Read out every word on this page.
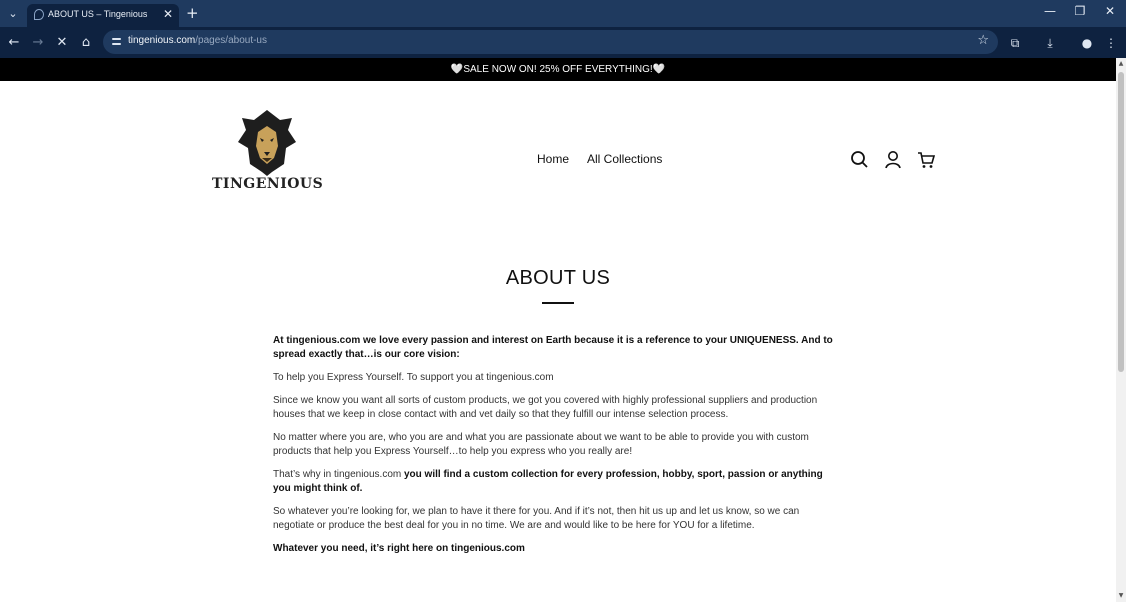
⌄	ABOUT US – Tingenious ✕ +	—	❐	✕
← → ✕	⌂	tingenious.com/pages/about-us	☆	⧉	⤓	●	⋮
🤍SALE NOW ON! 25% OFF EVERYTHING!🤍
TINGENIOUS
Home All Collections
ABOUT US

At tingenious.com we love every passion and interest on Earth because it is a reference to your UNIQUENESS. And to spread exactly that…is our core vision:

To help you Express Yourself. To support you at tingenious.com

Since we know you want all sorts of custom products, we got you covered with highly professional suppliers and production houses that we keep in close contact with and vet daily so that they fulfill our intense selection process.

No matter where you are, who you are and what you are passionate about we want to be able to provide you with custom products that help you Express Yourself…to help you express who you really are!

That’s why in tingenious.com you will find a custom collection for every profession, hobby, sport, passion or anything you might think of.

So whatever you’re looking for, we plan to have it there for you. And if it’s not, then hit us up and let us know, so we can negotiate or produce the best deal for you in no time. We are and would like to be here for YOU for a lifetime.

Whatever you need, it’s right here on tingenious.com

▲
▼
